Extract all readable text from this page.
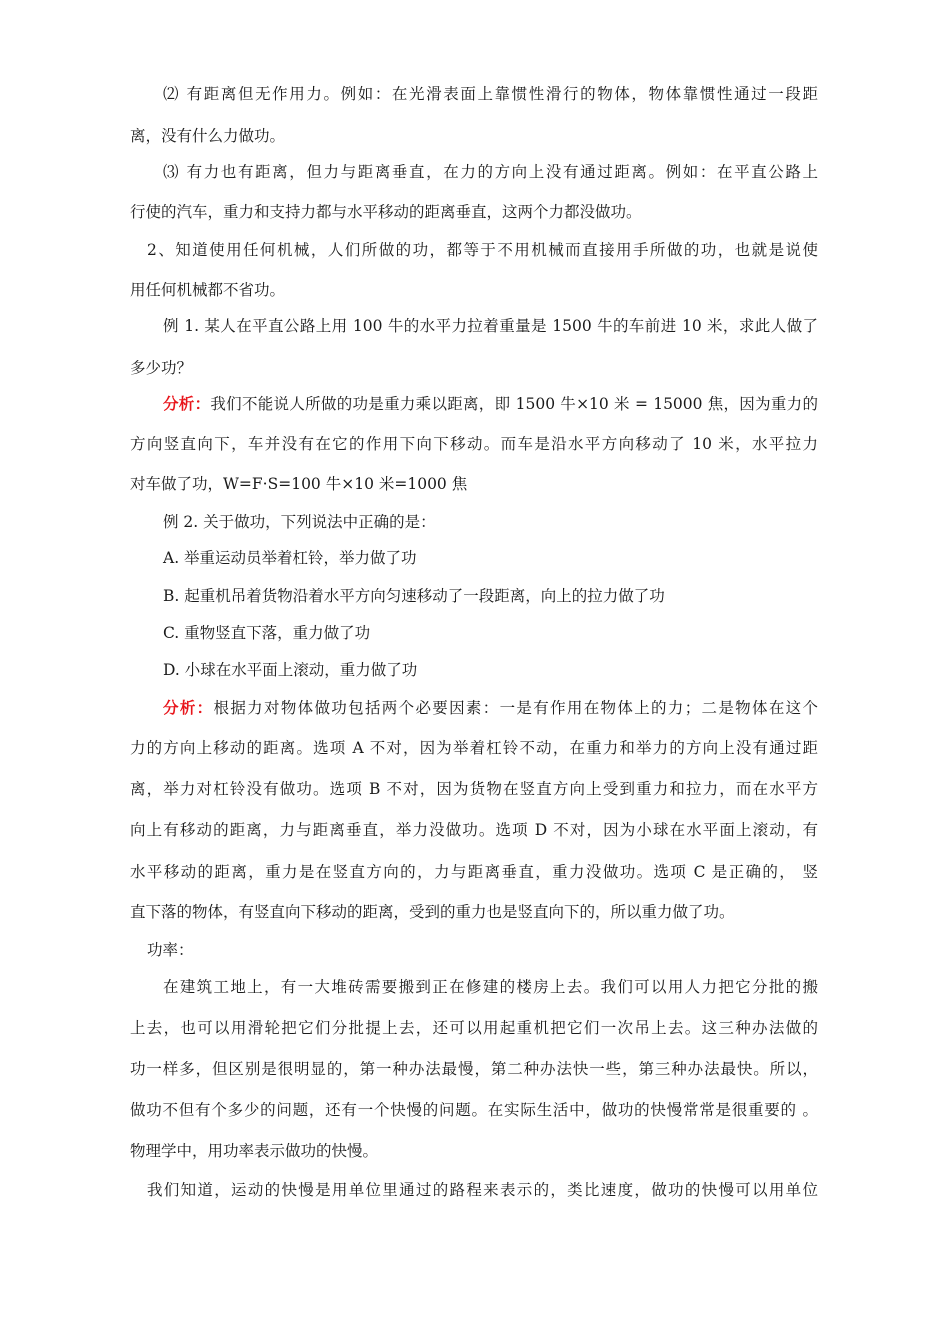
⑵ 有距离但无作用力。例如：在光滑表面上靠惯性滑行的物体，物体靠惯性通过一段距

离，没有什么力做功。

⑶ 有力也有距离，但力与距离垂直，在力的方向上没有通过距离。例如：在平直公路上

行使的汽车，重力和支持力都与水平移动的距离垂直，这两个力都没做功。

2、知道使用任何机械，人们所做的功，都等于不用机械而直接用手所做的功，也就是说使

用任何机械都不省功。

例 1. 某人在平直公路上用 100 牛的水平力拉着重量是 1500 牛的车前进 10 米，求此人做了

多少功？

分析：我们不能说人所做的功是重力乘以距离，即 1500 牛×10 米 = 15000 焦，因为重力的

方向竖直向下，车并没有在它的作用下向下移动。而车是沿水平方向移动了 10 米，水平拉力

对车做了功，W=F·S=100 牛×10 米=1000 焦

例 2. 关于做功，下列说法中正确的是：

A. 举重运动员举着杠铃，举力做了功

B. 起重机吊着货物沿着水平方向匀速移动了一段距离，向上的拉力做了功

C. 重物竖直下落，重力做了功

D. 小球在水平面上滚动，重力做了功

分析：根据力对物体做功包括两个必要因素：一是有作用在物体上的力；二是物体在这个

力的方向上移动的距离。选项 A 不对，因为举着杠铃不动，在重力和举力的方向上没有通过距

离，举力对杠铃没有做功。选项 B 不对，因为货物在竖直方向上受到重力和拉力，而在水平方

向上有移动的距离，力与距离垂直，举力没做功。选项 D 不对，因为小球在水平面上滚动，有

水平移动的距离，重力是在竖直方向的，力与距离垂直，重力没做功。选项 C 是正确的， 竖

直下落的物体，有竖直向下移动的距离，受到的重力也是竖直向下的，所以重力做了功。

功率：

在建筑工地上，有一大堆砖需要搬到正在修建的楼房上去。我们可以用人力把它分批的搬

上去，也可以用滑轮把它们分批提上去，还可以用起重机把它们一次吊上去。这三种办法做的

功一样多，但区别是很明显的，第一种办法最慢，第二种办法快一些，第三种办法最快。所以，

做功不但有个多少的问题，还有一个快慢的问题。在实际生活中，做功的快慢常常是很重要的 。

物理学中，用功率表示做功的快慢。

我们知道，运动的快慢是用单位里通过的路程来表示的，类比速度，做功的快慢可以用单位
